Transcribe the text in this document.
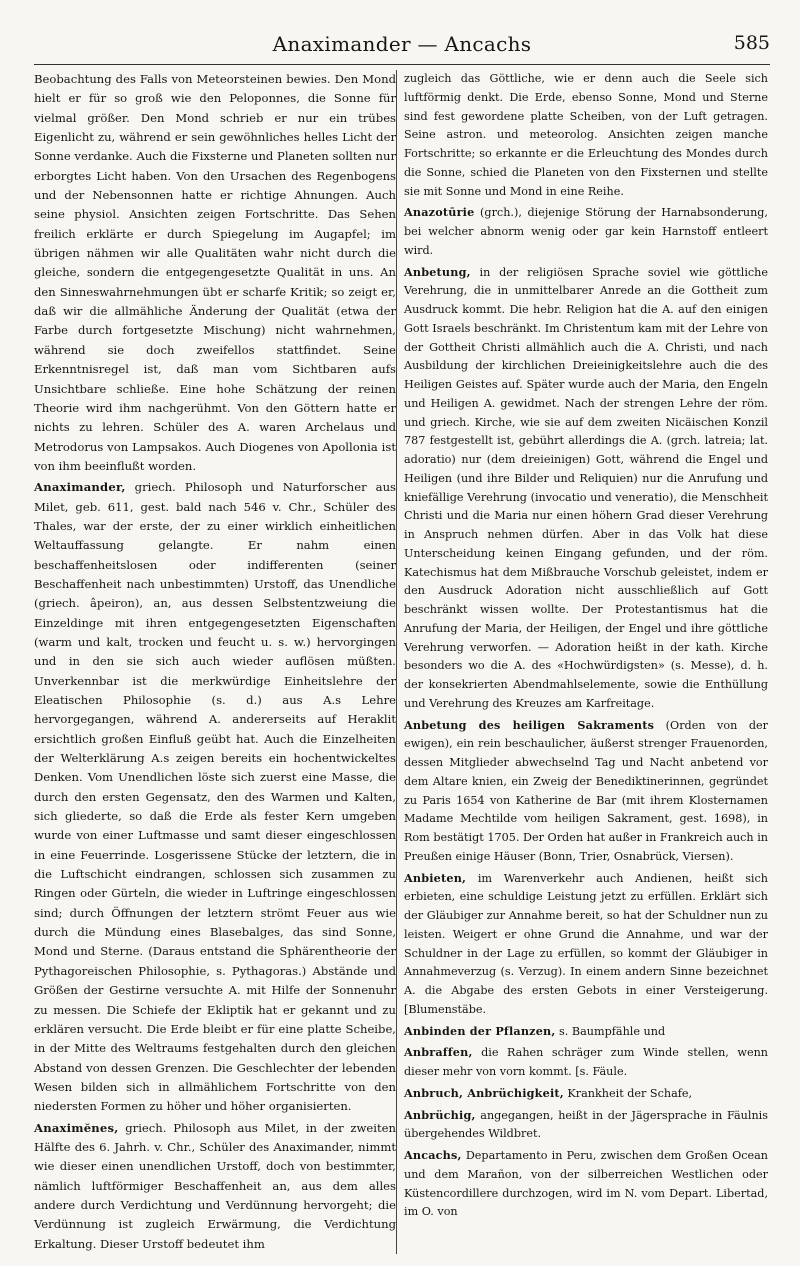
Anaximander — Ancachs	585

Beobachtung des Falls von Meteorsteinen bewies. Den Mond hielt er für so groß wie den Peloponnes, die Sonne für vielmal größer. Den Mond schrieb er nur ein trübes Eigenlicht zu, während er sein gewöhnliches helles Licht der Sonne verdanke. Auch die Fixsterne und Planeten sollten nur erborgtes Licht haben. Von den Ursachen des Regenbogens und der Nebensonnen hatte er richtige Ahnungen. Auch seine physiol. Ansichten zeigen Fortschritte. Das Sehen freilich erklärte er durch Spiegelung im Augapfel; im übrigen nähmen wir alle Qualitäten wahr nicht durch die gleiche, sondern die entgegengesetzte Qualität in uns. An den Sinneswahrnehmungen übt er scharfe Kritik; so zeigt er, daß wir die allmähliche Änderung der Qualität (etwa der Farbe durch fortgesetzte Mischung) nicht wahrnehmen, während sie doch zweifellos stattfindet. Seine Erkenntnisregel ist, daß man vom Sichtbaren aufs Unsichtbare schließe. Eine hohe Schätzung der reinen Theorie wird ihm nachgerühmt. Von den Göttern hatte er nichts zu lehren. Schüler des A. waren Archelaus und Metrodorus von Lampsakos. Auch Diogenes von Apollonia ist von ihm beeinflußt worden.

Anaximander, griech. Philosoph und Naturforscher aus Milet, geb. 611, gest. bald nach 546 v. Chr., Schüler des Thales, war der erste, der zu einer wirklich einheitlichen Weltauffassung gelangte. Er nahm einen beschaffenheitslosen oder indifferenten (seiner Beschaffenheit nach unbestimmten) Urstoff, das Unendliche (griech. âpeiron), an, aus dessen Selbstentzweiung die Einzeldinge mit ihren entgegengesetzten Eigenschaften (warm und kalt, trocken und feucht u. s. w.) hervorgingen und in den sie sich auch wieder auflösen müßten. Unverkennbar ist die merkwürdige Einheitslehre der Eleatischen Philosophie (s. d.) aus A.s Lehre hervorgegangen, während A. andererseits auf Heraklit ersichtlich großen Einfluß geübt hat. Auch die Einzelheiten der Welterklärung A.s zeigen bereits ein hochentwickeltes Denken. Vom Unendlichen löste sich zuerst eine Masse, die durch den ersten Gegensatz, den des Warmen und Kalten, sich gliederte, so daß die Erde als fester Kern umgeben wurde von einer Luftmasse und samt dieser eingeschlossen in eine Feuerrinde. Losgerissene Stücke der letztern, die in die Luftschicht eindrangen, schlossen sich zusammen zu Ringen oder Gürteln, die wieder in Luftringe eingeschlossen sind; durch Öffnungen der letztern strömt Feuer aus wie durch die Mündung eines Blasebalges, das sind Sonne, Mond und Sterne. (Daraus entstand die Sphärentheorie der Pythagoreischen Philosophie, s. Pythagoras.) Abstände und Größen der Gestirne versuchte A. mit Hilfe der Sonnenuhr zu messen. Die Schiefe der Ekliptik hat er gekannt und zu erklären versucht. Die Erde bleibt er für eine platte Scheibe, in der Mitte des Weltraums festgehalten durch den gleichen Abstand von dessen Grenzen. Die Geschlechter der lebenden Wesen bilden sich in allmählichem Fortschritte von den niedersten Formen zu höher und höher organisierten.

Anaximĕnes, griech. Philosoph aus Milet, in der zweiten Hälfte des 6. Jahrh. v. Chr., Schüler des Anaximander, nimmt wie dieser einen unendlichen Urstoff, doch von bestimmter, nämlich luftförmiger Beschaffenheit an, aus dem alles andere durch Verdichtung und Verdünnung hervorgeht; die Verdünnung ist zugleich Erwärmung, die Verdichtung Erkaltung. Dieser Urstoff bedeutet ihm

zugleich das Göttliche, wie er denn auch die Seele sich luftförmig denkt. Die Erde, ebenso Sonne, Mond und Sterne sind fest gewordene platte Scheiben, von der Luft getragen. Seine astron. und meteorolog. Ansichten zeigen manche Fortschritte; so erkannte er die Erleuchtung des Mondes durch die Sonne, schied die Planeten von den Fixsternen und stellte sie mit Sonne und Mond in eine Reihe.

Anazotūrie (grch.), diejenige Störung der Harnabsonderung, bei welcher abnorm wenig oder gar kein Harnstoff entleert wird.

Anbetung, in der religiösen Sprache soviel wie göttliche Verehrung, die in unmittelbarer Anrede an die Gottheit zum Ausdruck kommt. Die hebr. Religion hat die A. auf den einigen Gott Israels beschränkt. Im Christentum kam mit der Lehre von der Gottheit Christi allmählich auch die A. Christi, und nach Ausbildung der kirchlichen Dreieinigkeitslehre auch die des Heiligen Geistes auf. Später wurde auch der Maria, den Engeln und Heiligen A. gewidmet. Nach der strengen Lehre der röm. und griech. Kirche, wie sie auf dem zweiten Nicäischen Konzil 787 festgestellt ist, gebührt allerdings die A. (grch. latreia; lat. adoratio) nur (dem dreieinigen) Gott, während die Engel und Heiligen (und ihre Bilder und Reliquien) nur die Anrufung und kniefällige Verehrung (invocatio und veneratio), die Menschheit Christi und die Maria nur einen höhern Grad dieser Verehrung in Anspruch nehmen dürfen. Aber in das Volk hat diese Unterscheidung keinen Eingang gefunden, und der röm. Katechismus hat dem Mißbrauche Vorschub geleistet, indem er den Ausdruck Adoration nicht ausschließlich auf Gott beschränkt wissen wollte. Der Protestantismus hat die Anrufung der Maria, der Heiligen, der Engel und ihre göttliche Verehrung verworfen. — Adoration heißt in der kath. Kirche besonders wo die A. des «Hochwürdigsten» (s. Messe), d. h. der konsekrierten Abendmahlselemente, sowie die Enthüllung und Verehrung des Kreuzes am Karfreitage.

Anbetung des heiligen Sakraments (Orden von der ewigen), ein rein beschaulicher, äußerst strenger Frauenorden, dessen Mitglieder abwechselnd Tag und Nacht anbetend vor dem Altare knien, ein Zweig der Benediktinerinnen, gegründet zu Paris 1654 von Katherine de Bar (mit ihrem Klosternamen Madame Mechtilde vom heiligen Sakrament, gest. 1698), in Rom bestätigt 1705. Der Orden hat außer in Frankreich auch in Preußen einige Häuser (Bonn, Trier, Osnabrück, Viersen).

Anbieten, im Warenverkehr auch Andienen, heißt sich erbieten, eine schuldige Leistung jetzt zu erfüllen. Erklärt sich der Gläubiger zur Annahme bereit, so hat der Schuldner nun zu leisten. Weigert er ohne Grund die Annahme, und war der Schuldner in der Lage zu erfüllen, so kommt der Gläubiger in Annahmeverzug (s. Verzug). In einem andern Sinne bezeichnet A. die Abgabe des ersten Gebots in einer Versteigerung. [Blumenstäbe.

Anbinden der Pflanzen, s. Baumpfähle und

Anbraffen, die Rahen schräger zum Winde stellen, wenn dieser mehr von vorn kommt. [s. Fäule.

Anbruch, Anbrüchigkeit, Krankheit der Schafe,

Anbrüchig, angegangen, heißt in der Jägersprache in Fäulnis übergehendes Wildbret.

Ancachs, Departamento in Peru, zwischen dem Großen Ocean und dem Marañon, von der silberreichen Westlichen oder Küstencordillere durchzogen, wird im N. vom Depart. Libertad, im O. von
